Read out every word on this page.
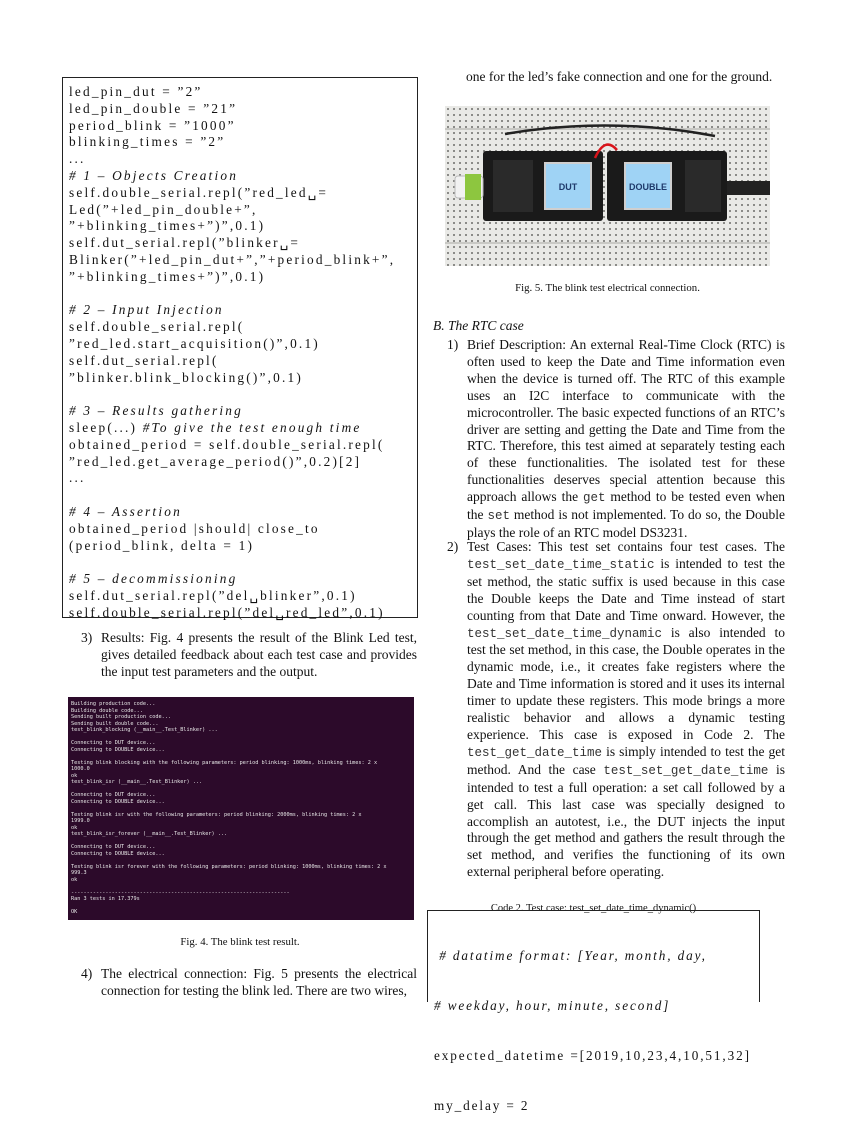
led_pin_dut = ”2”
led_pin_double = ”21”
period_blink = ”1000”
blinking_times = ”2”
...
# 1 – Objects Creation
self.double_serial.repl(”red_led␣=
Led(”+led_pin_double+”,
”+blinking_times+”)”,0.1)
self.dut_serial.repl(”blinker␣=
Blinker(”+led_pin_dut+”,”+period_blink+”,
”+blinking_times+”)”,0.1)
# 2 – Input Injection
self.double_serial.repl(
”red_led.start_acquisition()”,0.1)
self.dut_serial.repl(
”blinker.blink_blocking()”,0.1)
# 3 – Results gathering
sleep(...) #To give the test enough time
obtained_period = self.double_serial.repl(
”red_led.get_average_period()”,0.2)[2]
...
# 4 – Assertion
obtained_period |should| close_to
(period_blink, delta = 1)
# 5 – decommissioning
self.dut_serial.repl(”del␣blinker”,0.1)
self.double_serial.repl(”del␣red_led”,0.1)
3) Results: Fig. 4 presents the result of the Blink Led test, gives detailed feedback about each test case and provides the input test parameters and the output.
Building production code...
Building double code...
Sending built production code...
Sending built double code...
test_blink_blocking (__main__.Test_Blinker) ...

Connecting to DUT device...
Connecting to DOUBLE device...

Testing blink blocking with the following parameters: period blinking: 1000ms, blinking times: 2 x
1000.0
ok
test_blink_isr (__main__.Test_Blinker) ...

Connecting to DUT device...
Connecting to DOUBLE device...

Testing blink isr with the following parameters: period blinking: 2000ms, blinking times: 2 x
1999.0
ok
test_blink_isr_forever (__main__.Test_Blinker) ...

Connecting to DUT device...
Connecting to DOUBLE device...

Testing blink isr forever with the following parameters: period blinking: 1000ms, blinking times: 2 x
999.3
ok

----------------------------------------------------------------------
Ran 3 tests in 17.379s

OK
Fig. 4. The blink test result.
4) The electrical connection: Fig. 5 presents the electrical connection for testing the blink led. There are two wires,
one for the led’s fake connection and one for the ground.
DUT	DOUBLE
Fig. 5. The blink test electrical connection.
B. The RTC case
1) Brief Description: An external Real-Time Clock (RTC) is often used to keep the Date and Time information even when the device is turned off. The RTC of this example uses an I2C interface to communicate with the microcontroller. The basic expected functions of an RTC’s driver are setting and getting the Date and Time from the RTC. Therefore, this test aimed at separately testing each of these functionalities. The isolated test for these functionalities deserves special attention because this approach allows the get method to be tested even when the set method is not implemented. To do so, the Double plays the role of an RTC model DS3231.
2) Test Cases: This test set contains four test cases. The test_set_date_time_static is intended to test the set method, the static suffix is used because in this case the Double keeps the Date and Time instead of start counting from that Date and Time onward. However, the test_set_date_time_dynamic is also intended to test the set method, in this case, the Double operates in the dynamic mode, i.e., it creates fake registers where the Date and Time information is stored and it uses its internal timer to update these registers. This mode brings a more realistic behavior and allows a dynamic testing experience. This case is exposed in Code 2. The test_get_date_time is simply intended to test the get method. And the case test_set_get_date_time is intended to test a full operation: a set call followed by a get call. This last case was specially designed to accomplish an autotest, i.e., the DUT injects the input through the get method and gathers the result through the set method, and verifies the functioning of its own external peripheral before operating.
Code 2. Test case: test_set_date_time_dynamic()

# datatime format: [Year, month, day,

# weekday, hour, minute, second]

expected_datetime =[2019,10,23,4,10,51,32]

my_delay = 2
